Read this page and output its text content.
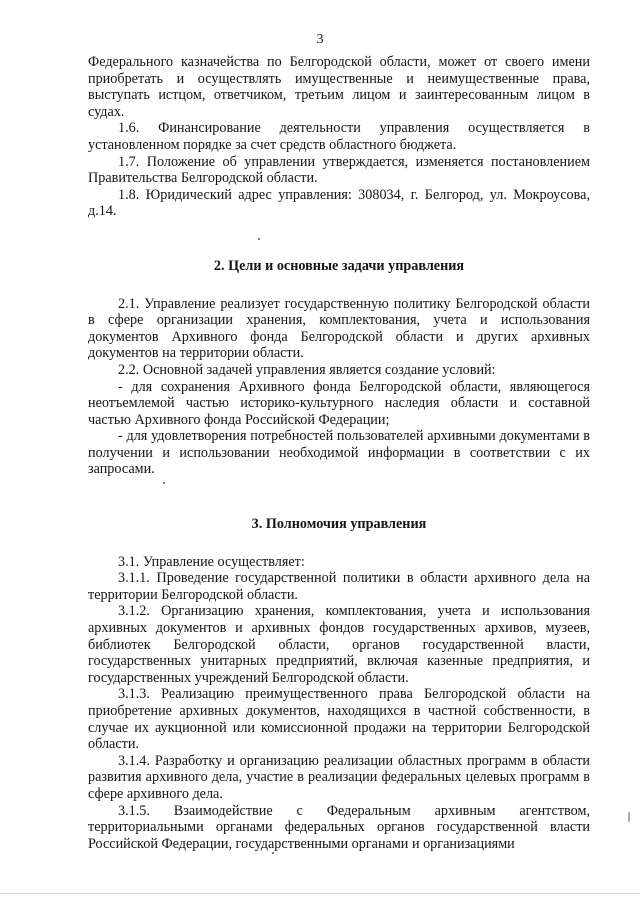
3

Федерального казначейства по Белгородской области, может от своего имени приобретать и осуществлять имущественные и неимущественные права, выступать истцом, ответчиком, третьим лицом и заинтересованным лицом в судах.

1.6. Финансирование деятельности управления осуществляется в установленном порядке за счет средств областного бюджета.

1.7. Положение об управлении утверждается, изменяется постановлением Правительства Белгородской области.

1.8. Юридический адрес управления: 308034, г. Белгород, ул. Мокроусова, д.14.

2. Цели и основные задачи управления

2.1. Управление реализует государственную политику Белгородской области в сфере организации хранения, комплектования, учета и использования документов Архивного фонда Белгородской области и других архивных документов на территории области.

2.2. Основной задачей управления является создание условий:

- для сохранения Архивного фонда Белгородской области, являющегося неотъемлемой частью историко-культурного наследия области и составной частью Архивного фонда Российской Федерации;

- для удовлетворения потребностей пользователей архивными документами в получении и использовании необходимой информации в соответствии с их запросами.

3. Полномочия управления

3.1. Управление осуществляет:

3.1.1. Проведение государственной политики в области архивного дела на территории Белгородской области.

3.1.2. Организацию хранения, комплектования, учета и использования архивных документов и архивных фондов государственных архивов, музеев, библиотек Белгородской области, органов государственной власти, государственных унитарных предприятий, включая казенные предприятия, и государственных учреждений Белгородской области.

3.1.3. Реализацию преимущественного права Белгородской области на приобретение архивных документов, находящихся в частной собственности, в случае их аукционной или комиссионной продажи на территории Белгородской области.

3.1.4. Разработку и организацию реализации областных программ в области развития архивного дела, участие в реализации федеральных целевых программ в сфере архивного дела.

3.1.5. Взаимодействие с Федеральным архивным агентством, территориальными органами федеральных органов государственной власти Российской Федерации, государственными органами и организациями
